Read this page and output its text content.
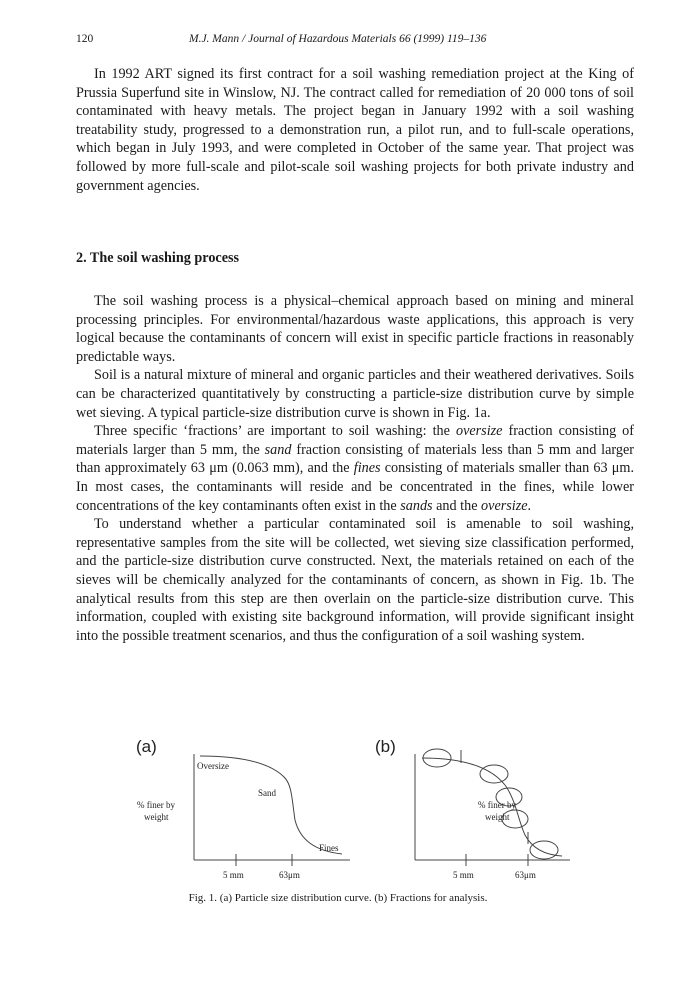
120	M.J. Mann / Journal of Hazardous Materials 66 (1999) 119–136

In 1992 ART signed its first contract for a soil washing remediation project at the King of Prussia Superfund site in Winslow, NJ. The contract called for remediation of 20 000 tons of soil contaminated with heavy metals. The project began in January 1992 with a soil washing treatability study, progressed to a demonstration run, a pilot run, and to full-scale operations, which began in July 1993, and were completed in October of the same year. That project was followed by more full-scale and pilot-scale soil washing projects for both private industry and government agencies.

2. The soil washing process

The soil washing process is a physical–chemical approach based on mining and mineral processing principles. For environmental/hazardous waste applications, this approach is very logical because the contaminants of concern will exist in specific particle fractions in reasonably predictable ways.

Soil is a natural mixture of mineral and organic particles and their weathered derivatives. Soils can be characterized quantitatively by constructing a particle-size distribution curve by simple wet sieving. A typical particle-size distribution curve is shown in Fig. 1a.

Three specific ‘fractions’ are important to soil washing: the oversize fraction consisting of materials larger than 5 mm, the sand fraction consisting of materials less than 5 mm and larger than approximately 63 μm (0.063 mm), and the fines consisting of materials smaller than 63 μm. In most cases, the contaminants will reside and be concentrated in the fines, while lower concentrations of the key contaminants often exist in the sands and the oversize.

To understand whether a particular contaminated soil is amenable to soil washing, representative samples from the site will be collected, wet sieving size classification performed, and the particle-size distribution curve constructed. Next, the materials retained on each of the sieves will be chemically analyzed for the contaminants of concern, as shown in Fig. 1b. The analytical results from this step are then overlain on the particle-size distribution curve. This information, coupled with existing site background information, will provide significant insight into the possible treatment scenarios, and thus the configuration of a soil washing system.

(a)
Oversize
Sand
Fines
% finer by
weight
5 mm	63μm
(b)
% finer by
weight
5 mm	63μm
Fig. 1. (a) Particle size distribution curve. (b) Fractions for analysis.
